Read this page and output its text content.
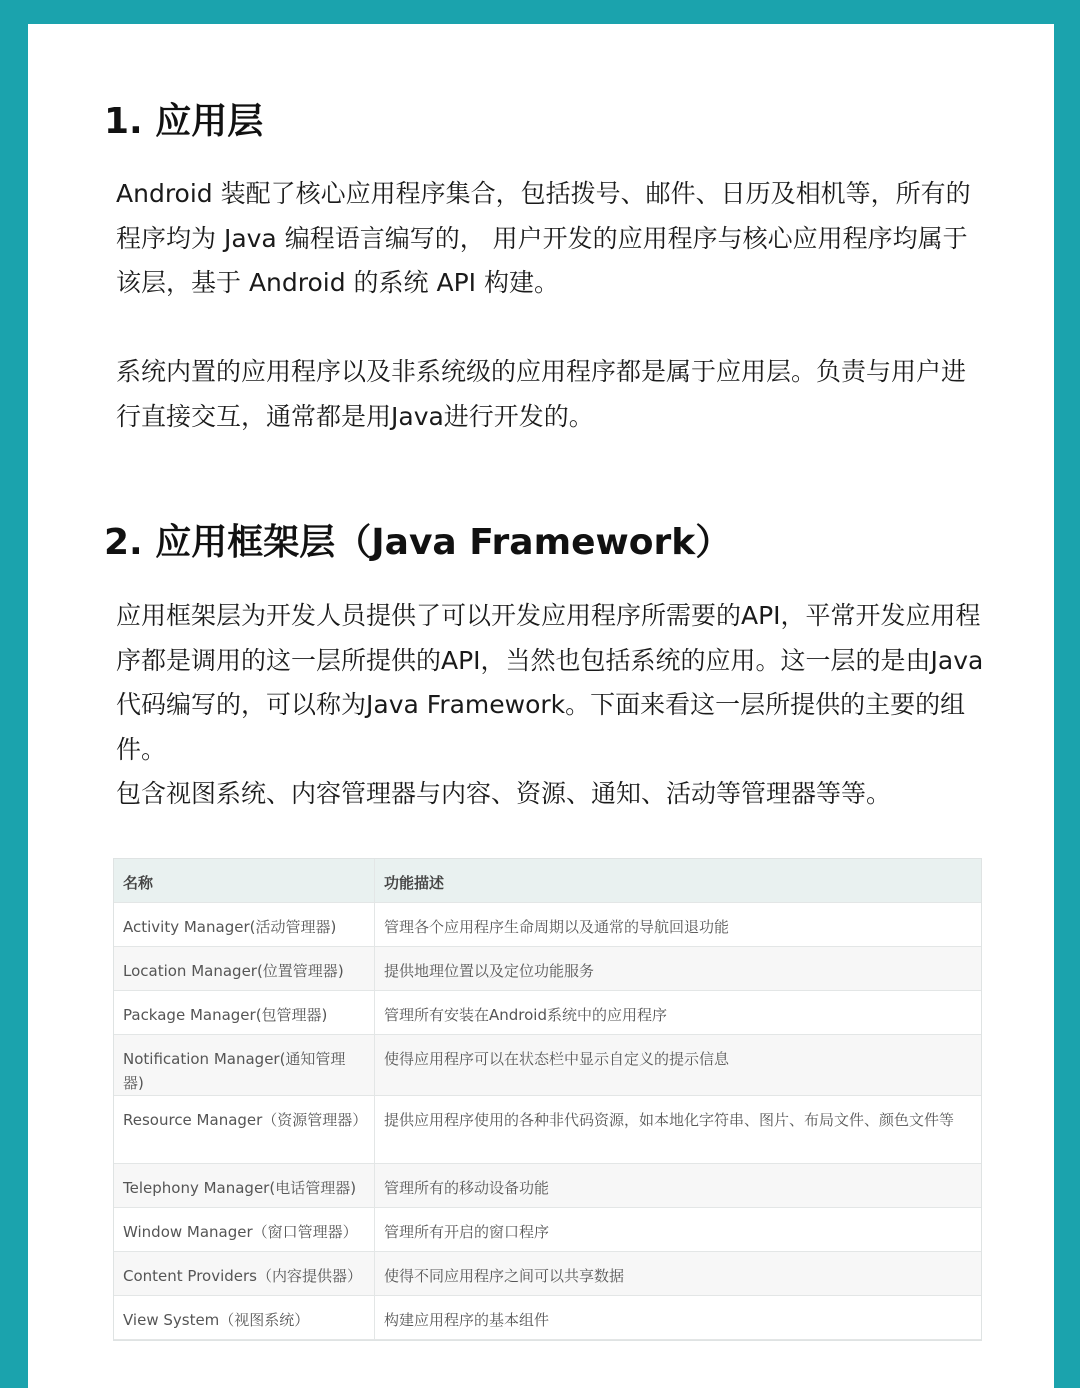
1. 应用层

Android 装配了核心应用程序集合，包括拨号、邮件、日历及相机等，所有的程序均为 Java 编程语言编写的， 用户开发的应用程序与核心应用程序均属于该层，基于 Android 的系统 API 构建。

系统内置的应用程序以及非系统级的应用程序都是属于应用层。负责与用户进行直接交互，通常都是用Java进行开发的。

2. 应用框架层（Java Framework）

应用框架层为开发人员提供了可以开发应用程序所需要的API，平常开发应用程序都是调用的这一层所提供的API，当然也包括系统的应用。这一层的是由Java代码编写的，可以称为Java Framework。下面来看这一层所提供的主要的组件。

包含视图系统、内容管理器与内容、资源、通知、活动等管理器等等。

名称	功能描述
Activity Manager(活动管理器)	管理各个应用程序生命周期以及通常的导航回退功能
Location Manager(位置管理器)	提供地理位置以及定位功能服务
Package Manager(包管理器)	管理所有安装在Android系统中的应用程序
Notification Manager(通知管理器)	使得应用程序可以在状态栏中显示自定义的提示信息
Resource Manager（资源管理器）	提供应用程序使用的各种非代码资源，如本地化字符串、图片、布局文件、颜色文件等
Telephony Manager(电话管理器)	管理所有的移动设备功能
Window Manager（窗口管理器）	管理所有开启的窗口程序
Content Providers（内容提供器）	使得不同应用程序之间可以共享数据
View System（视图系统）	构建应用程序的基本组件
